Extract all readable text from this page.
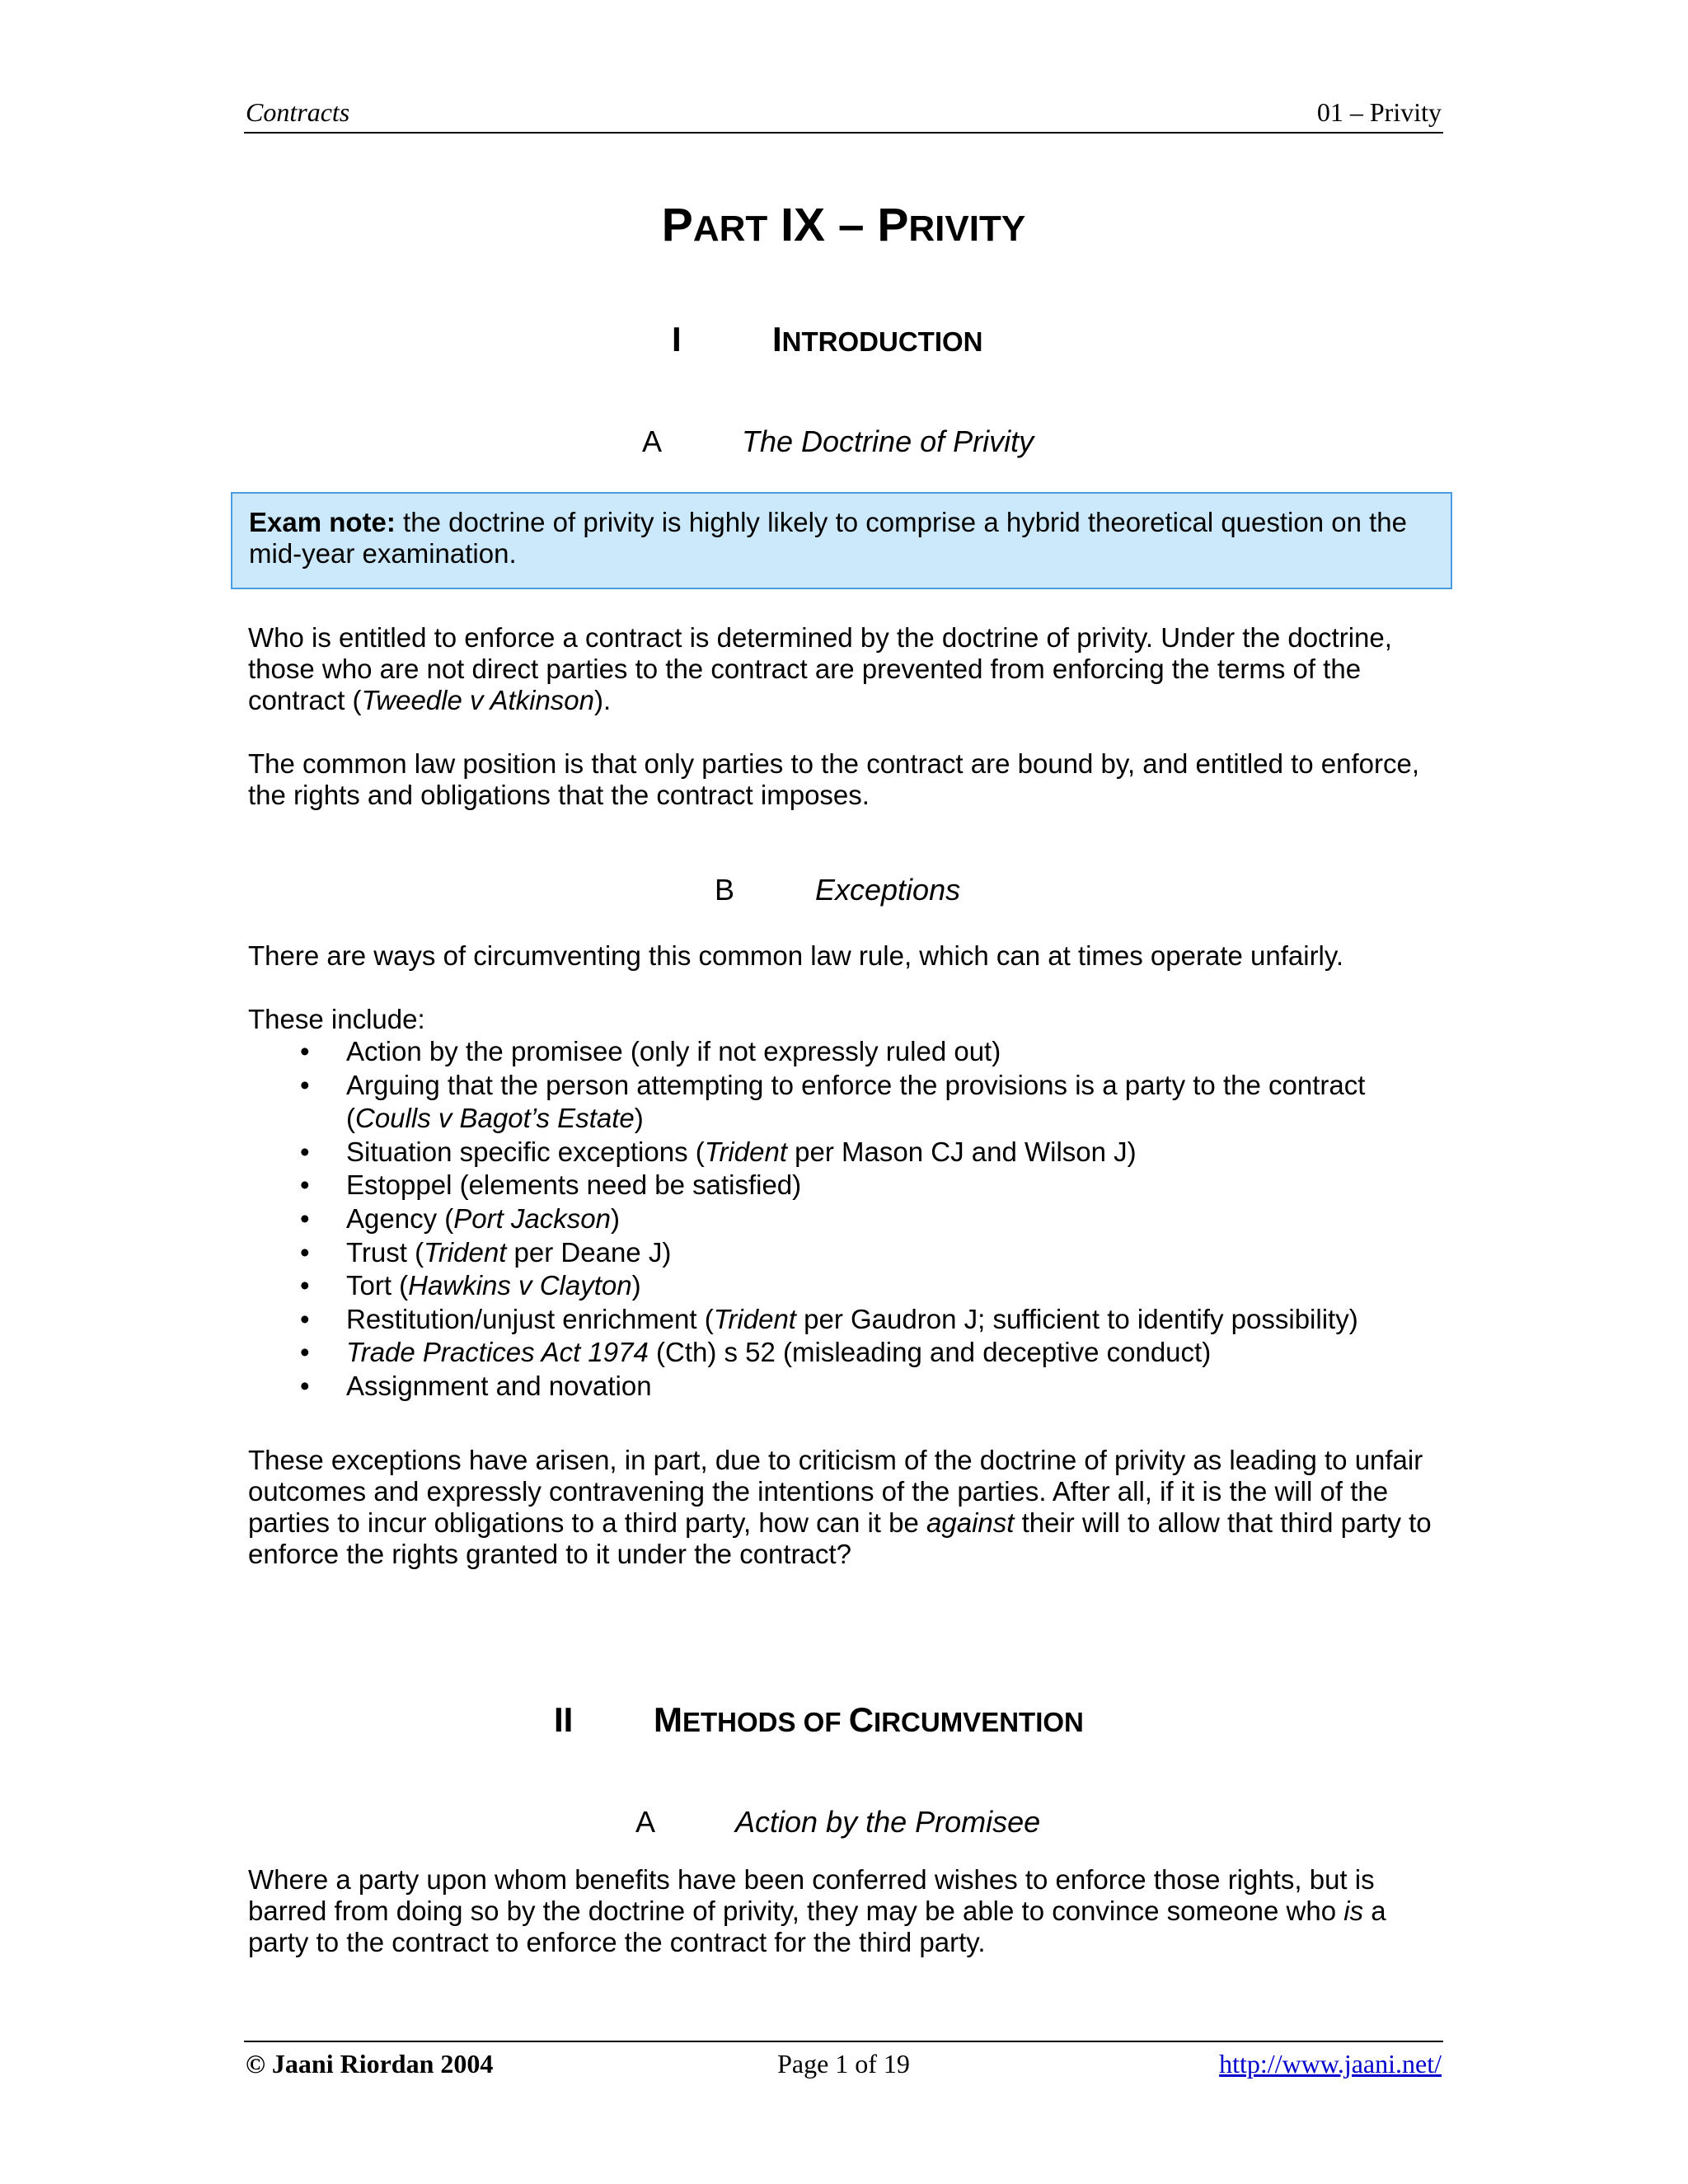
Contracts	01 – Privity
PART IX – PRIVITY
I	INTRODUCTION
A	The Doctrine of Privity
Exam note: the doctrine of privity is highly likely to comprise a hybrid theoretical question on the mid-year examination.
Who is entitled to enforce a contract is determined by the doctrine of privity. Under the doctrine, those who are not direct parties to the contract are prevented from enforcing the terms of the contract (Tweedle v Atkinson).
The common law position is that only parties to the contract are bound by, and entitled to enforce, the rights and obligations that the contract imposes.
B	Exceptions
There are ways of circumventing this common law rule, which can at times operate unfairly.
These include:
• Action by the promisee (only if not expressly ruled out)
• Arguing that the person attempting to enforce the provisions is a party to the contract
(Coulls v Bagot’s Estate)
• Situation specific exceptions (Trident per Mason CJ and Wilson J)
• Estoppel (elements need be satisfied)
• Agency (Port Jackson)
• Trust (Trident per Deane J)
• Tort (Hawkins v Clayton)
• Restitution/unjust enrichment (Trident per Gaudron J; sufficient to identify possibility)
• Trade Practices Act 1974 (Cth) s 52 (misleading and deceptive conduct)
• Assignment and novation
These exceptions have arisen, in part, due to criticism of the doctrine of privity as leading to unfair outcomes and expressly contravening the intentions of the parties. After all, if it is the will of the parties to incur obligations to a third party, how can it be against their will to allow that third party to enforce the rights granted to it under the contract?
II METHODS OF CIRCUMVENTION
A	Action by the Promisee
Where a party upon whom benefits have been conferred wishes to enforce those rights, but is barred from doing so by the doctrine of privity, they may be able to convince someone who is a party to the contract to enforce the contract for the third party.
© Jaani Riordan 2004	Page 1 of 19	http://www.jaani.net/
